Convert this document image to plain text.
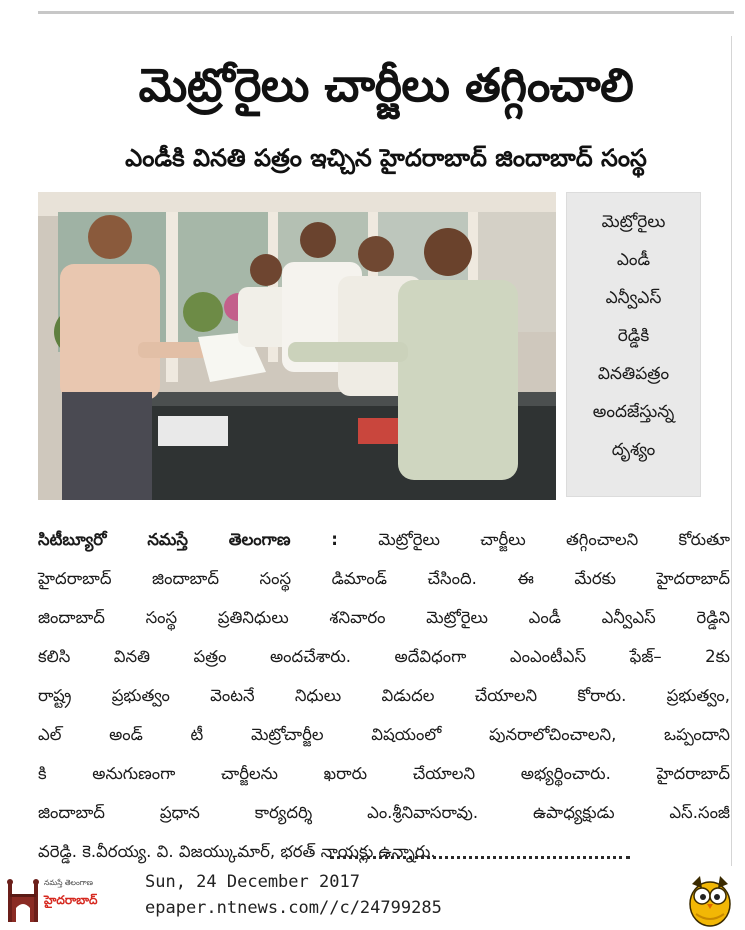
మెట్రోరైలు చార్జీలు తగ్గించాలి
ఎండీకి వినతి పత్రం ఇచ్చిన హైదరాబాద్ జిందాబాద్ సంస్థ
మెట్రోరైలు
ఎండీ
ఎన్వీఎస్
రెడ్డికి
వినతిపత్రం
అందజేస్తున్న
దృశ్యం
సిటీబ్యూరో నమస్తే తెలంగాణ : మెట్రోరైలు చార్జీలు తగ్గించాలని కోరుతూ
హైదరాబాద్ జిందాబాద్ సంస్థ డిమాండ్ చేసింది. ఈ మేరకు హైదరాబాద్
జిందాబాద్ సంస్థ ప్రతినిధులు శనివారం మెట్రోరైలు ఎండీ ఎన్వీఎస్ రెడ్డిని
కలిసి వినతి పత్రం అందచేశారు. అదేవిధంగా ఎంఎంటీఎస్ ఫేజ్– 2కు
రాష్ట్ర ప్రభుత్వం వెంటనే నిధులు విడుదల చేయాలని కోరారు. ప్రభుత్వం,
ఎల్ అండ్ టీ మెట్రోచార్జీల విషయంలో పునరాలోచించాలని, ఒప్పందాని
కి అనుగుణంగా చార్జీలను ఖరారు చేయాలని అభ్యర్థించారు. హైదరాబాద్
జిందాబాద్ ప్రధాన కార్యదర్శి ఎం.శ్రీనివాసరావు. ఉపాధ్యక్షుడు ఎస్.సంజీ
వరెడ్డి. కె.వీరయ్య. వి. విజయ్కుమార్, భరత్ నాయక్లు ఉన్నారు.
నమస్తే తెలంగాణ
హైదరాబాద్
Sun, 24 December 2017
epaper.ntnews.com//c/24799285
